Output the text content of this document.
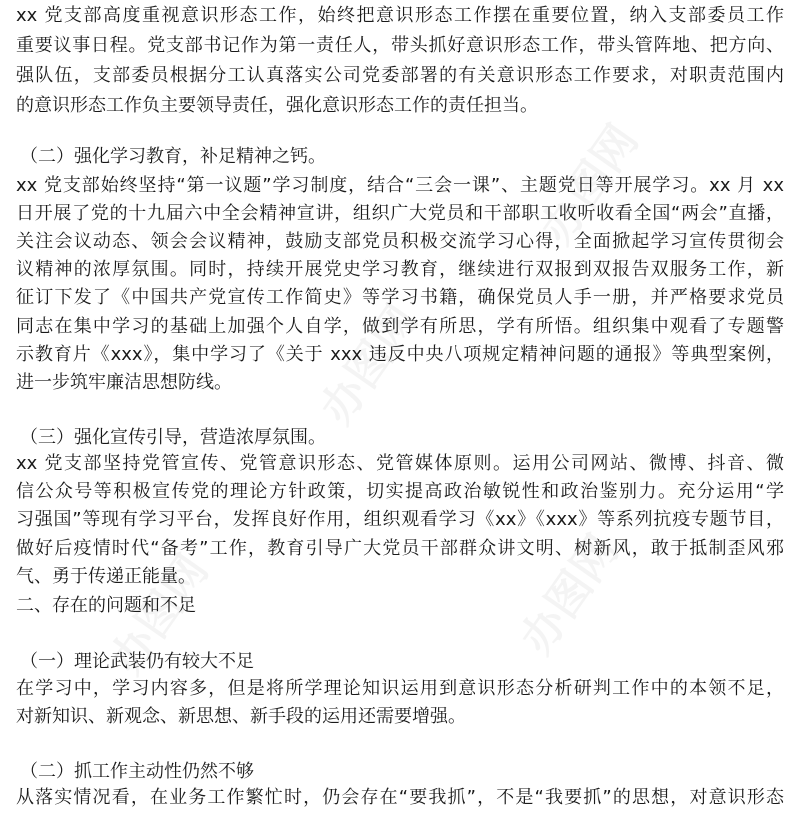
xx 党支部高度重视意识形态工作，始终把意识形态工作摆在重要位置，纳入支部委员工作
重要议事日程。党支部书记作为第一责任人，带头抓好意识形态工作，带头管阵地、把方向、
强队伍，支部委员根据分工认真落实公司党委部署的有关意识形态工作要求，对职责范围内
的意识形态工作负主要领导责任，强化意识形态工作的责任担当。
（二）强化学习教育，补足精神之钙。
xx 党支部始终坚持“第一议题”学习制度，结合“三会一课”、主题党日等开展学习。xx 月 xx
日开展了党的十九届六中全会精神宣讲，组织广大党员和干部职工收听收看全国“两会”直播，
关注会议动态、领会会议精神，鼓励支部党员积极交流学习心得，全面掀起学习宣传贯彻会
议精神的浓厚氛围。同时，持续开展党史学习教育，继续进行双报到双报告双服务工作，新
征订下发了《中国共产党宣传工作简史》等学习书籍，确保党员人手一册，并严格要求党员
同志在集中学习的基础上加强个人自学，做到学有所思，学有所悟。组织集中观看了专题警
示教育片《xxx》，集中学习了《关于 xxx 违反中央八项规定精神问题的通报》等典型案例，
进一步筑牢廉洁思想防线。
（三）强化宣传引导，营造浓厚氛围。
xx 党支部坚持党管宣传、党管意识形态、党管媒体原则。运用公司网站、微博、抖音、微
信公众号等积极宣传党的理论方针政策，切实提高政治敏锐性和政治鉴别力。充分运用“学
习强国”等现有学习平台，发挥良好作用，组织观看学习《xx》《xxx》等系列抗疫专题节目，
做好后疫情时代“备考”工作，教育引导广大党员干部群众讲文明、树新风，敢于抵制歪风邪
气、勇于传递正能量。
二、存在的问题和不足
（一）理论武装仍有较大不足
在学习中，学习内容多，但是将所学理论知识运用到意识形态分析研判工作中的本领不足，
对新知识、新观念、新思想、新手段的运用还需要增强。
（二）抓工作主动性仍然不够
从落实情况看，在业务工作繁忙时，仍会存在“要我抓”，不是“我要抓”的思想，对意识形态
